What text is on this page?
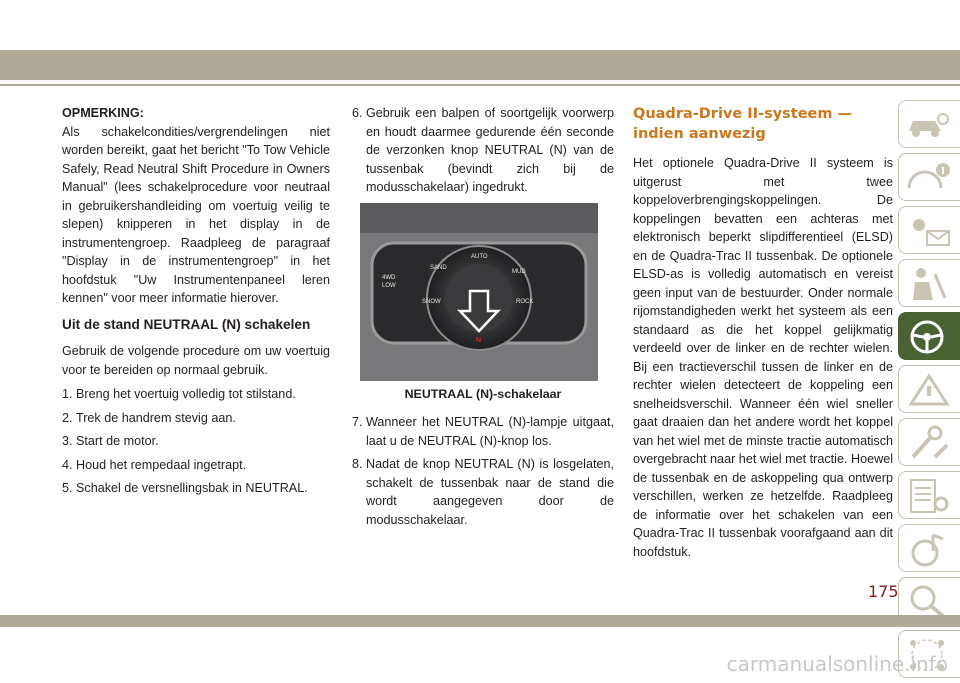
OPMERKING:
Als schakelcondities/vergrendelingen niet worden bereikt, gaat het bericht "To Tow Vehicle Safely, Read Neutral Shift Procedure in Owners Manual" (lees schakelprocedure voor neutraal in gebruikershandleiding om voertuig veilig te slepen) knipperen in het display in de instrumentengroep. Raadpleeg de paragraaf "Display in de instrumentengroep" in het hoofdstuk "Uw Instrumentenpaneel leren kennen" voor meer informatie hierover.
Uit de stand NEUTRAAL (N) schakelen
Gebruik de volgende procedure om uw voertuig voor te bereiden op normaal gebruik.
1. Breng het voertuig volledig tot stilstand.
2. Trek de handrem stevig aan.
3. Start de motor.
4. Houd het rempedaal ingetrapt.
5. Schakel de versnellingsbak in NEUTRAL.
6. Gebruik een balpen of soortgelijk voorwerp en houdt daarmee gedurende één seconde de verzonken knop NEUTRAL (N) van de tussenbak (bevindt zich bij de modusschakelaar) ingedrukt.
AUTO
SAND
MUD
SNOW	ROCK
4WD
LOW
N
NEUTRAAL (N)-schakelaar
7. Wanneer het NEUTRAL (N)-lampje uitgaat, laat u de NEUTRAL (N)-knop los.
8. Nadat de knop NEUTRAL (N) is losgelaten, schakelt de tussenbak naar de stand die wordt aangegeven door de modusschakelaar.
Quadra-Drive II-systeem — indien aanwezig
Het optionele Quadra-Drive II systeem is uitgerust met twee koppeloverbrengingskoppelingen. De koppelingen bevatten een achteras met elektronisch beperkt slipdifferentieel (ELSD) en de Quadra-Trac II tussenbak. De optionele ELSD-as is volledig automatisch en vereist geen input van de bestuurder. Onder normale rijomstandigheden werkt het systeem als een standaard as die het koppel gelijkmatig verdeeld over de linker en de rechter wielen. Bij een tractieverschil tussen de linker en de rechter wielen detecteert de koppeling een snelheidsverschil. Wanneer één wiel sneller gaat draaien dan het andere wordt het koppel van het wiel met de minste tractie automatisch overgebracht naar het wiel met tractie. Hoewel de tussenbak en de askoppeling qua ontwerp verschillen, werken ze hetzelfde. Raadpleeg de informatie over het schakelen van een Quadra-Trac II tussenbak voorafgaand aan dit hoofdstuk.
175
carmanualsonline.info
